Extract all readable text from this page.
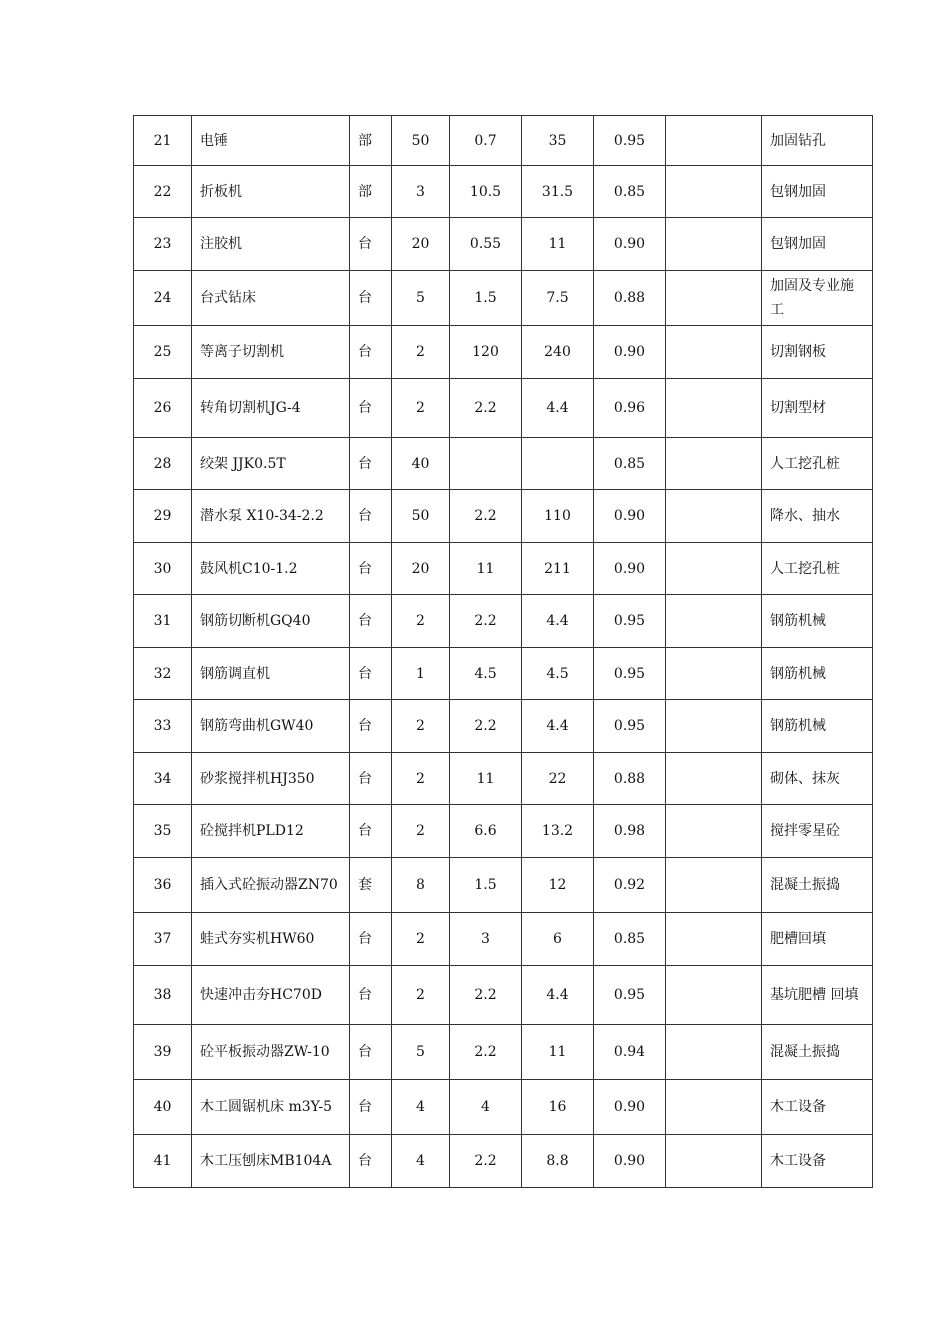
21	电锤	部	50	0.7	35	0.95		加固钻孔
22	折板机	部	3	10.5	31.5	0.85		包钢加固
23	注胶机	台	20	0.55	11	0.90		包钢加固
24	台式钻床	台	5	1.5	7.5	0.88		加固及专业施工
25	等离子切割机	台	2	120	240	0.90		切割钢板
26	转角切割机JG-4	台	2	2.2	4.4	0.96		切割型材
28	绞架 JJK0.5T	台	40			0.85		人工挖孔桩
29	潜水泵 X10-34-2.2	台	50	2.2	110	0.90		降水、抽水
30	鼓风机C10-1.2	台	20	11	211	0.90		人工挖孔桩
31	钢筋切断机GQ40	台	2	2.2	4.4	0.95		钢筋机械
32	钢筋调直机	台	1	4.5	4.5	0.95		钢筋机械
33	钢筋弯曲机GW40	台	2	2.2	4.4	0.95		钢筋机械
34	砂浆搅拌机HJ350	台	2	11	22	0.88		砌体、抹灰
35	砼搅拌机PLD12	台	2	6.6	13.2	0.98		搅拌零星砼
36	插入式砼振动器ZN70	套	8	1.5	12	0.92		混凝土振捣
37	蛙式夯实机HW60	台	2	3	6	0.85		肥槽回填
38	快速冲击夯HC70D	台	2	2.2	4.4	0.95		基坑肥槽 回填
39	砼平板振动器ZW-10	台	5	2.2	11	0.94		混凝土振捣
40	木工圆锯机床 m3Y-5	台	4	4	16	0.90		木工设备
41	木工压刨床MB104A	台	4	2.2	8.8	0.90		木工设备
